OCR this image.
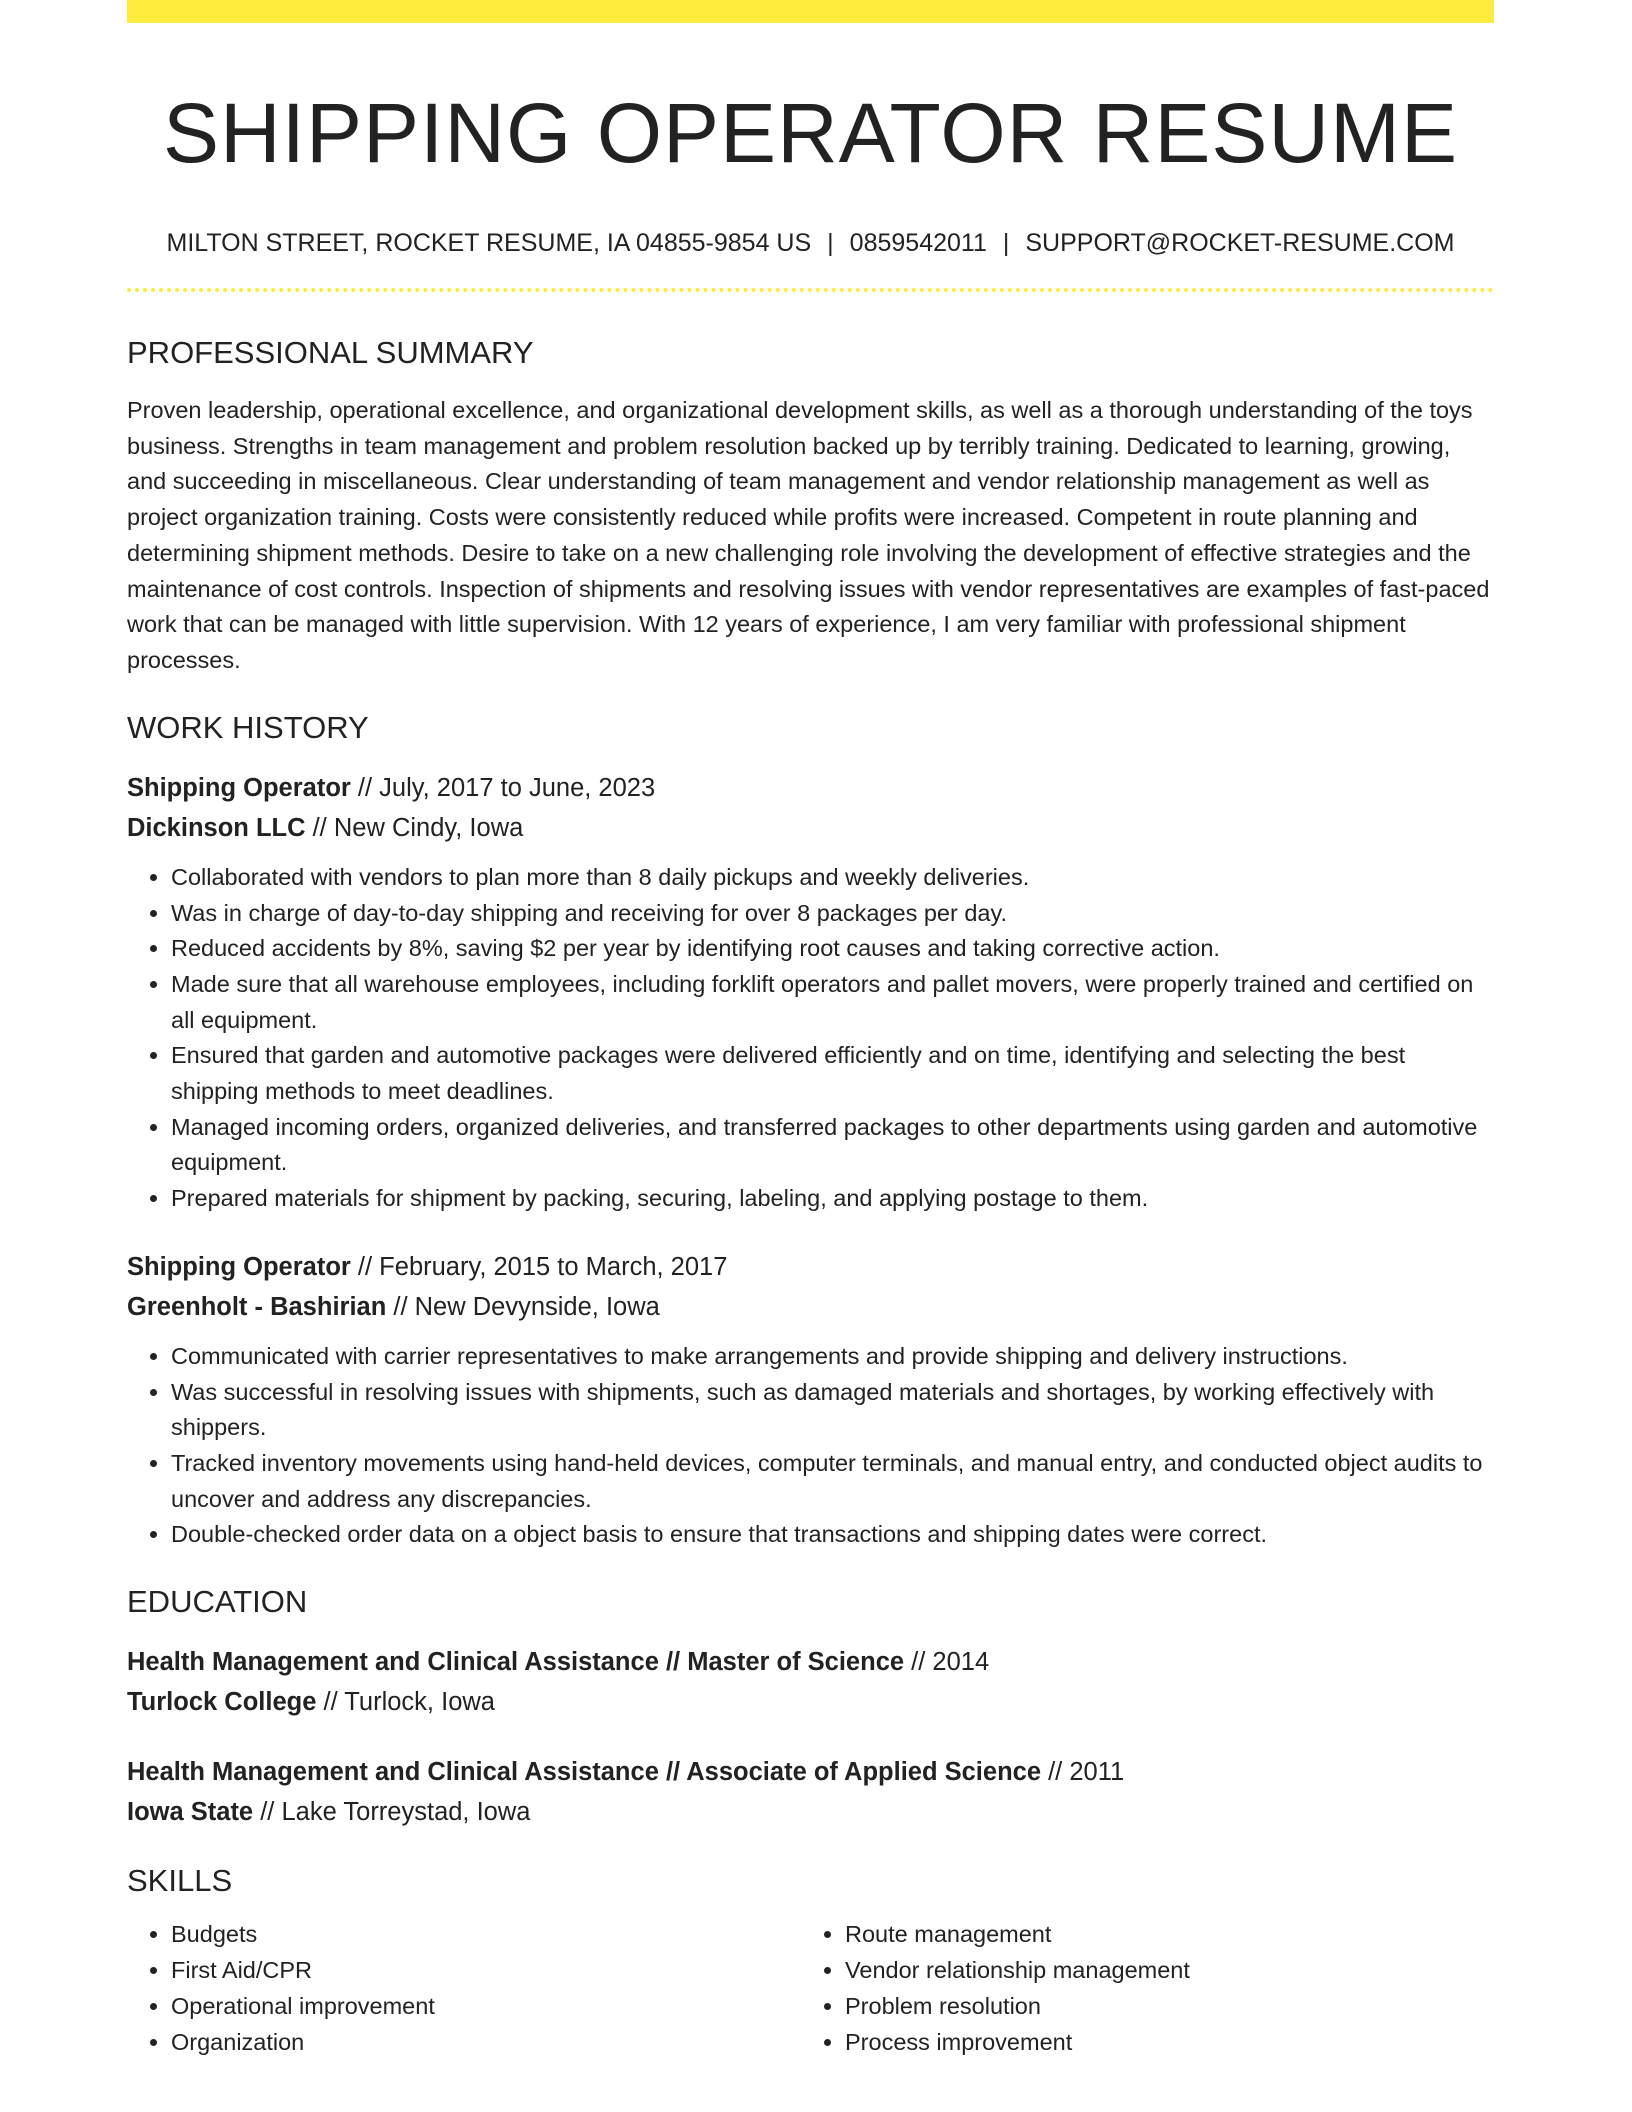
SHIPPING OPERATOR RESUME
MILTON STREET, ROCKET RESUME, IA 04855-9854 US | 0859542011 | SUPPORT@ROCKET-RESUME.COM
PROFESSIONAL SUMMARY

Proven leadership, operational excellence, and organizational development skills, as well as a thorough understanding of the toys business. Strengths in team management and problem resolution backed up by terribly training. Dedicated to learning, growing, and succeeding in miscellaneous. Clear understanding of team management and vendor relationship management as well as project organization training. Costs were consistently reduced while profits were increased. Competent in route planning and determining shipment methods. Desire to take on a new challenging role involving the development of effective strategies and the maintenance of cost controls. Inspection of shipments and resolving issues with vendor representatives are examples of fast-paced work that can be managed with little supervision. With 12 years of experience, I am very familiar with professional shipment processes.

WORK HISTORY
Shipping Operator // July, 2017 to June, 2023
Dickinson LLC // New Cindy, Iowa
• Collaborated with vendors to plan more than 8 daily pickups and weekly deliveries.
• Was in charge of day-to-day shipping and receiving for over 8 packages per day.
• Reduced accidents by 8%, saving $2 per year by identifying root causes and taking corrective action.
• Made sure that all warehouse employees, including forklift operators and pallet movers, were properly trained and certified on all equipment.
• Ensured that garden and automotive packages were delivered efficiently and on time, identifying and selecting the best shipping methods to meet deadlines.
• Managed incoming orders, organized deliveries, and transferred packages to other departments using garden and automotive equipment.
• Prepared materials for shipment by packing, securing, labeling, and applying postage to them.
Shipping Operator // February, 2015 to March, 2017
Greenholt - Bashirian // New Devynside, Iowa
• Communicated with carrier representatives to make arrangements and provide shipping and delivery instructions.
• Was successful in resolving issues with shipments, such as damaged materials and shortages, by working effectively with shippers.
• Tracked inventory movements using hand-held devices, computer terminals, and manual entry, and conducted object audits to uncover and address any discrepancies.
• Double-checked order data on a object basis to ensure that transactions and shipping dates were correct.
EDUCATION
Health Management and Clinical Assistance // Master of Science // 2014
Turlock College // Turlock, Iowa
Health Management and Clinical Assistance // Associate of Applied Science // 2011
Iowa State // Lake Torreystad, Iowa
SKILLS
• Budgets
• First Aid/CPR
• Operational improvement
• Organization
• Route management
• Vendor relationship management
• Problem resolution
• Process improvement
